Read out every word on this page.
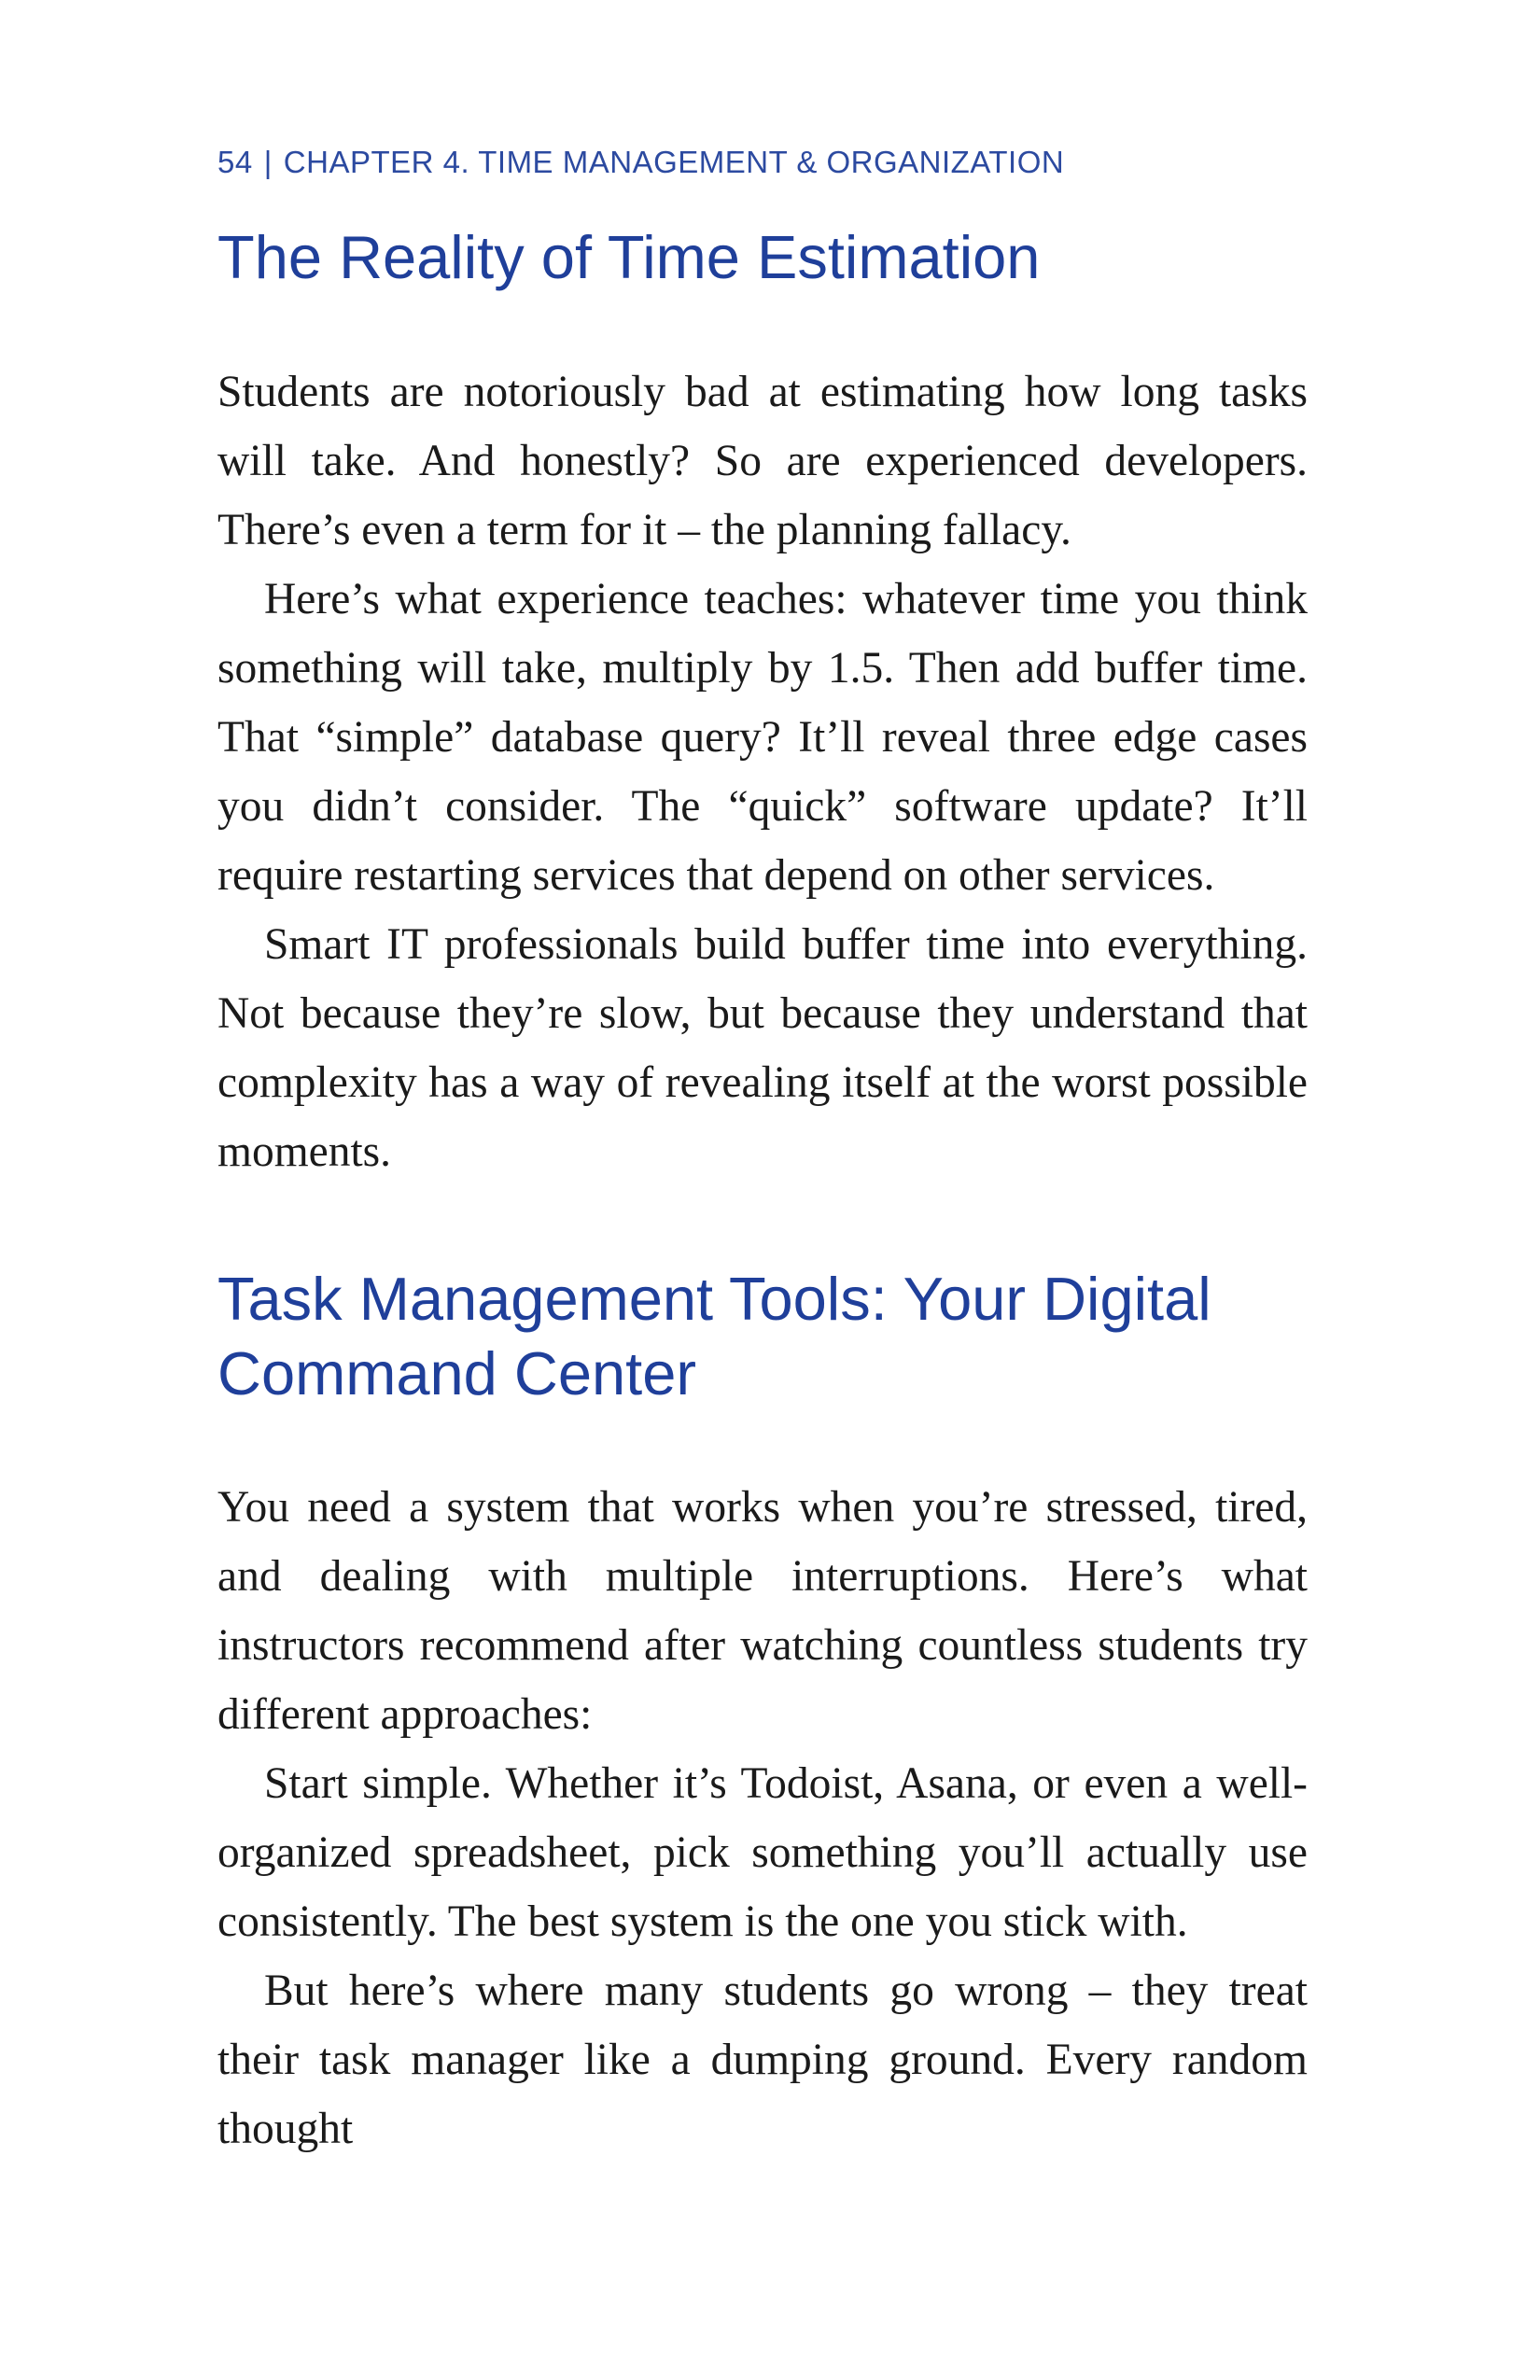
54 | CHAPTER 4. TIME MANAGEMENT & ORGANIZATION
The Reality of Time Estimation

Students are notoriously bad at estimating how long tasks will take. And honestly? So are experienced developers. There’s even a term for it – the planning fallacy.

Here’s what experience teaches: whatever time you think something will take, multiply by 1.5. Then add buffer time. That “simple” database query? It’ll reveal three edge cases you didn’t consider. The “quick” software update? It’ll require restarting services that depend on other services.

Smart IT professionals build buffer time into everything. Not because they’re slow, but because they understand that complexity has a way of revealing itself at the worst possible moments.

Task Management Tools: Your Digital Command Center

You need a system that works when you’re stressed, tired, and dealing with multiple interruptions. Here’s what instructors recommend after watching countless students try different approaches:

Start simple. Whether it’s Todoist, Asana, or even a well-organized spreadsheet, pick something you’ll actually use consistently. The best system is the one you stick with.

But here’s where many students go wrong – they treat their task manager like a dumping ground. Every random thought
